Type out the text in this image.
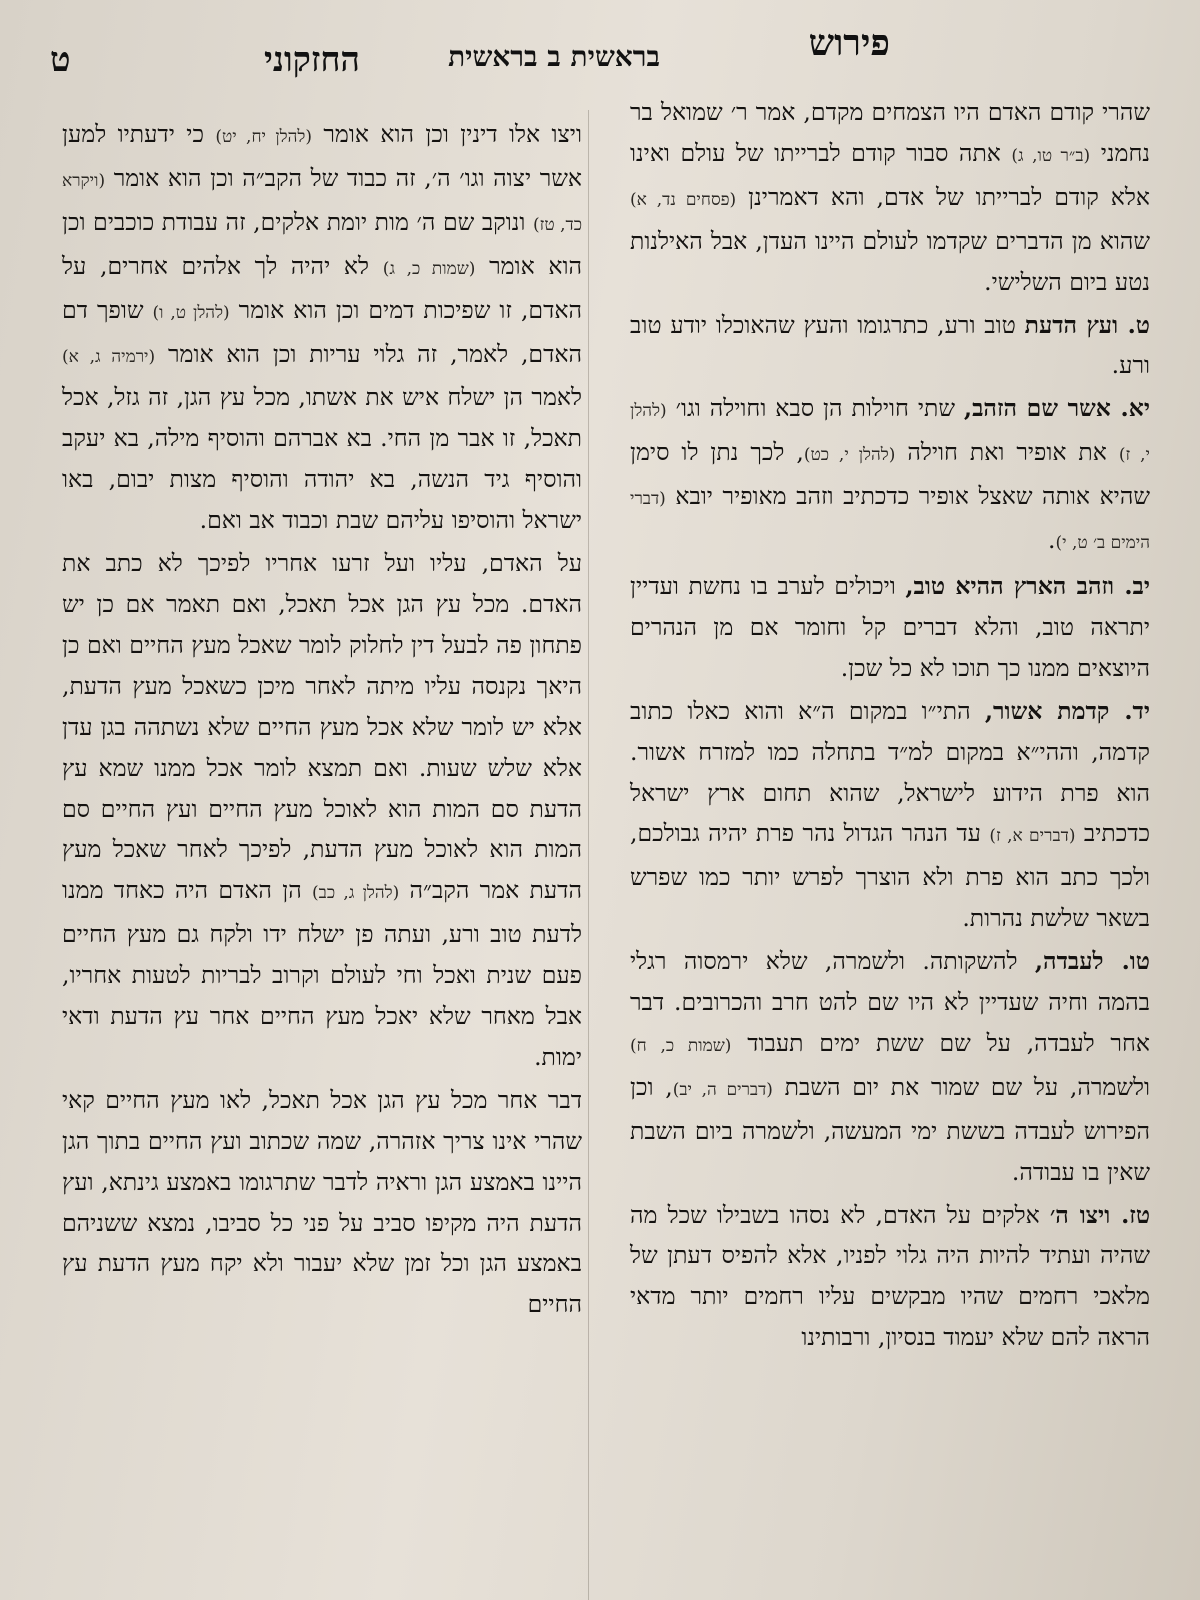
פירוש
בראשית ב בראשית
החזקוני
ט

שהרי קודם האדם היו הצמחים מקדם, אמר ר׳ שמואל בר נחמני (ב״ר טו, ג) אתה סבור קודם לברייתו של עולם ואינו אלא קודם לברייתו של אדם, והא דאמרינן (פסחים נד, א) שהוא מן הדברים שקדמו לעולם היינו העדן, אבל האילנות נטע ביום השלישי.

ט. ועץ הדעת טוב ורע, כתרגומו והעץ שהאוכלו יודע טוב ורע.

יא. אשר שם הזהב, שתי חוילות הן סבא וחוילה וגו׳ (להלן י, ז) את אופיר ואת חוילה (להלן י, כט), לכך נתן לו סימן שהיא אותה שאצל אופיר כדכתיב וזהב מאופיר יובא (דברי הימים ב׳ ט, י).

יב. וזהב הארץ ההיא טוב, ויכולים לערב בו נחשת ועדיין יתראה טוב, והלא דברים קל וחומר אם מן הנהרים היוצאים ממנו כך תוכו לא כל שכן.

יד. קדמת אשור, התי״ו במקום ה״א והוא כאלו כתוב קדמה, וההי״א במקום למ״ד בתחלה כמו למזרח אשור. הוא פרת הידוע לישראל, שהוא תחום ארץ ישראל כדכתיב (דברים א, ז) עד הנהר הגדול נהר פרת יהיה גבולכם, ולכך כתב הוא פרת ולא הוצרך לפרש יותר כמו שפרש בשאר שלשת נהרות.

טו. לעבדה, להשקותה. ולשמרה, שלא ירמסוה רגלי בהמה וחיה שעדיין לא היו שם להט חרב והכרובים. דבר אחר לעבדה, על שם ששת ימים תעבוד (שמות כ, ח) ולשמרה, על שם שמור את יום השבת (דברים ה, יב), וכן הפירוש לעבדה בששת ימי המעשה, ולשמרה ביום השבת שאין בו עבודה.

טז. ויצו ה׳ אלקים על האדם, לא נסהו בשבילו שכל מה שהיה ועתיד להיות היה גלוי לפניו, אלא להפיס דעתן של מלאכי רחמים שהיו מבקשים עליו רחמים יותר מדאי הראה להם שלא יעמוד בנסיון, ורבותינו

ויצו אלו דינין וכן הוא אומר (להלן יח, יט) כי ידעתיו למען אשר יצוה וגו׳ ה׳, זה כבוד של הקב״ה וכן הוא אומר (ויקרא כד, טז) ונוקב שם ה׳ מות יומת אלקים, זה עבודת כוכבים וכן הוא אומר (שמות כ, ג) לא יהיה לך אלהים אחרים, על האדם, זו שפיכות דמים וכן הוא אומר (להלן ט, ו) שופך דם האדם, לאמר, זה גלוי עריות וכן הוא אומר (ירמיה ג, א) לאמר הן ישלח איש את אשתו, מכל עץ הגן, זה גזל, אכל תאכל, זו אבר מן החי. בא אברהם והוסיף מילה, בא יעקב והוסיף גיד הנשה, בא יהודה והוסיף מצות יבום, באו ישראל והוסיפו עליהם שבת וכבוד אב ואם.

על האדם, עליו ועל זרעו אחריו לפיכך לא כתב את האדם. מכל עץ הגן אכל תאכל, ואם תאמר אם כן יש פתחון פה לבעל דין לחלוק לומר שאכל מעץ החיים ואם כן היאך נקנסה עליו מיתה לאחר מיכן כשאכל מעץ הדעת, אלא יש לומר שלא אכל מעץ החיים שלא נשתהה בגן עדן אלא שלש שעות. ואם תמצא לומר אכל ממנו שמא עץ הדעת סם המות הוא לאוכל מעץ החיים ועץ החיים סם המות הוא לאוכל מעץ הדעת, לפיכך לאחר שאכל מעץ הדעת אמר הקב״ה (להלן ג, כב) הן האדם היה כאחד ממנו לדעת טוב ורע, ועתה פן ישלח ידו ולקח גם מעץ החיים פעם שנית ואכל וחי לעולם וקרוב לבריות לטעות אחריו, אבל מאחר שלא יאכל מעץ החיים אחר עץ הדעת ודאי ימות.

דבר אחר מכל עץ הגן אכל תאכל, לאו מעץ החיים קאי שהרי אינו צריך אזהרה, שמה שכתוב ועץ החיים בתוך הגן היינו באמצע הגן וראיה לדבר שתרגומו באמצע גינתא, ועץ הדעת היה מקיפו סביב על פני כל סביבו, נמצא ששניהם באמצע הגן וכל זמן שלא יעבור ולא יקח מעץ הדעת עץ החיים
